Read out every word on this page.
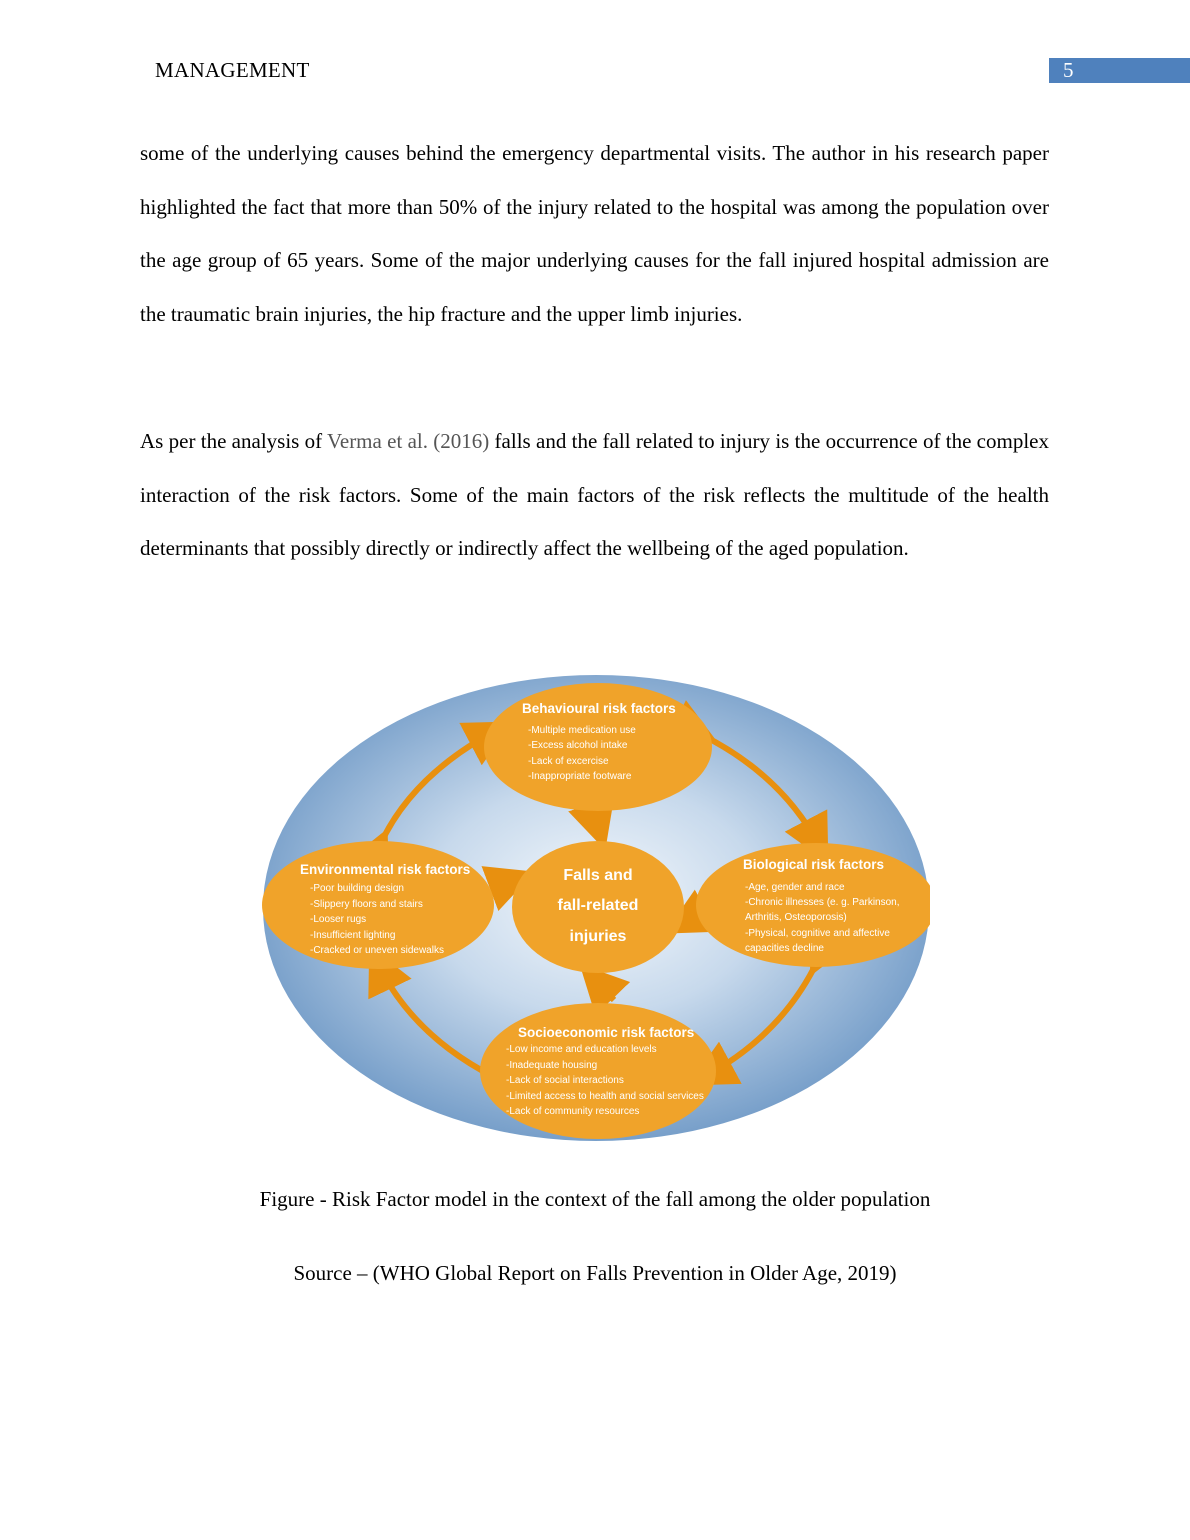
MANAGEMENT	5

some of the underlying causes behind the emergency departmental visits. The author in his research paper highlighted the fact that more than 50% of the injury related to the hospital was among the population over the age group of 65 years. Some of the major underlying causes for the fall injured hospital admission are the traumatic brain injuries, the hip fracture and the upper limb injuries.

As per the analysis of Verma et al. (2016) falls and the fall related to injury is the occurrence of the complex interaction of the risk factors. Some of the main factors of the risk reflects the multitude of the health determinants that possibly directly or indirectly affect the wellbeing of the aged population.

Behavioural risk factors
-Multiple medication use
-Excess alcohol intake
-Lack of excercise
-Inappropriate footware
Environmental risk factors
-Poor building design
-Slippery floors and stairs
-Looser rugs
-Insufficient lighting
-Cracked or uneven sidewalks
Biological risk factors
-Age, gender and race
-Chronic illnesses (e. g. Parkinson,
Arthritis, Osteoporosis)
-Physical, cognitive and affective
capacities decline
Falls and
fall-related
injuries
Socioeconomic risk factors
-Low income and education levels
-Inadequate housing
-Lack of social interactions
-Limited access to health and social services
-Lack of community resources

Figure - Risk Factor model in the context of the fall among the older population

Source – (WHO Global Report on Falls Prevention in Older Age, 2019)
